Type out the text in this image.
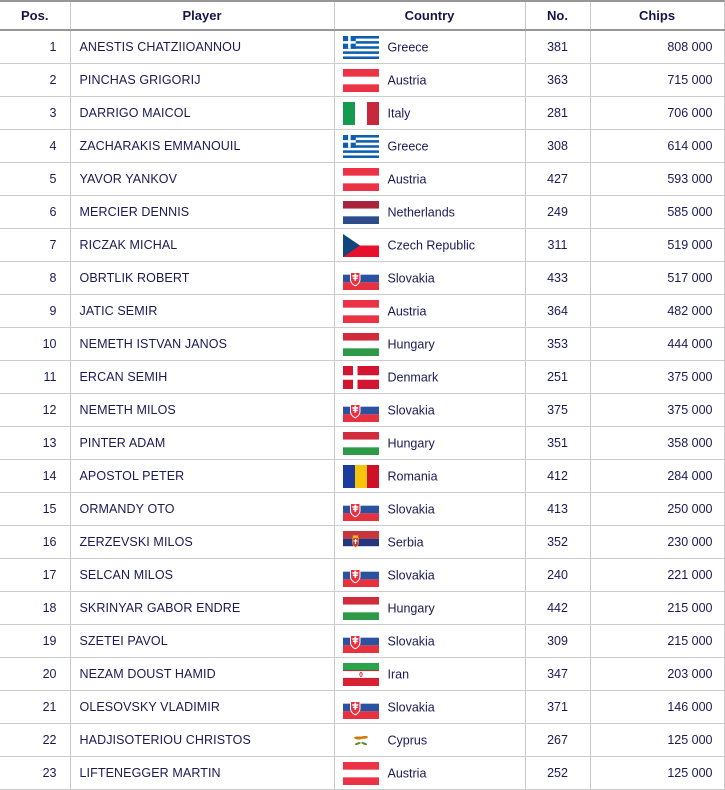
Pos.	Player	Country	No.	Chips
1	ANESTIS CHATZIIOANNOU	Greece	381	808 000
2	PINCHAS GRIGORIJ	Austria	363	715 000
3	DARRIGO MAICOL	Italy	281	706 000
4	ZACHARAKIS EMMANOUIL	Greece	308	614 000
5	YAVOR YANKOV	Austria	427	593 000
6	MERCIER DENNIS	Netherlands	249	585 000
7	RICZAK MICHAL	Czech Republic	311	519 000
8	OBRTLIK ROBERT	Slovakia	433	517 000
9	JATIC SEMIR	Austria	364	482 000
10	NEMETH ISTVAN JANOS	Hungary	353	444 000
11	ERCAN SEMIH	Denmark	251	375 000
12	NEMETH MILOS	Slovakia	375	375 000
13	PINTER ADAM	Hungary	351	358 000
14	APOSTOL PETER	Romania	412	284 000
15	ORMANDY OTO	Slovakia	413	250 000
16	ZERZEVSKI MILOS	Serbia	352	230 000
17	SELCAN MILOS	Slovakia	240	221 000
18	SKRINYAR GABOR ENDRE	Hungary	442	215 000
19	SZETEI PAVOL	Slovakia	309	215 000
20	NEZAM DOUST HAMID	Iran	347	203 000
21	OLESOVSKY VLADIMIR	Slovakia	371	146 000
22	HADJISOTERIOU CHRISTOS	Cyprus	267	125 000
23	LIFTENEGGER MARTIN	Austria	252	125 000
